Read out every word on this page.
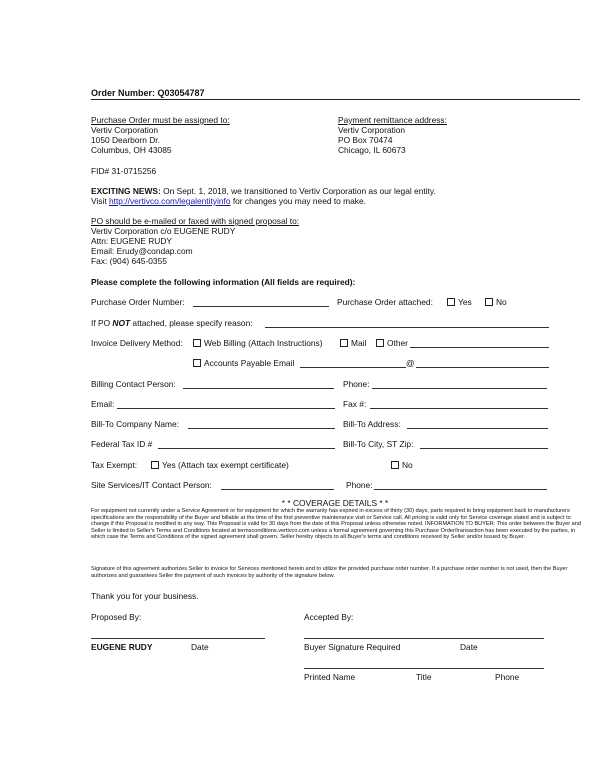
Order Number: Q03054787
Purchase Order must be assigned to:
Vertiv Corporation
1050 Dearborn Dr.
Columbus, OH 43085
Payment remittance address:
Vertiv Corporation
PO Box 70474
Chicago, IL 60673
FID# 31-0715256
EXCITING NEWS: On Sept. 1, 2018, we transitioned to Vertiv Corporation as our legal entity.
Visit http://vertivco.com/legalentityinfo for changes you may need to make.
PO should be e-mailed or faxed with signed proposal to:
Vertiv Corporation c/o EUGENE RUDY
Attn: EUGENE RUDY
Email: Erudy@condap.com
Fax: (904) 645-0355
Please complete the following information (All fields are required):
Purchase Order Number:	Purchase Order attached:	Yes	No
If PO NOT attached, please specify reason:
Invoice Delivery Method:	Web Billing (Attach Instructions)	Mail	Other
Accounts Payable Email	@
Billing Contact Person:	Phone:
Email:	Fax #:
Bill-To Company Name:	Bill-To Address:
Federal Tax ID #	Bill-To City, ST Zip:
Tax Exempt:	Yes (Attach tax exempt certificate)	No
Site Services/IT Contact Person:	Phone:
* * COVERAGE DETAILS * *
For equipment not currently under a Service Agreement or for equipment for which the warranty has expired in excess of thirty (30) days, parts required to bring equipment back to manufacturers specifications are the responsibility of the Buyer and billable at the time of the first preventive maintenance visit or Service call. All pricing is valid only for Service coverage stated and is subject to change if this Proposal is modified in any way. This Proposal is valid for 30 days from the date of this Proposal unless otherwise noted. INFORMATION TO BUYER: This order between the Buyer and Seller is limited to Seller's Terms and Conditions located at termsconditions.vertivco.com unless a formal agreement governing this Purchase Order/transaction has been executed by the parties, in which case the Terms and Conditions of the signed agreement shall govern. Seller hereby objects to all Buyer's terms and conditions received by Seller and/or issued by Buyer.
Signature of this agreement authorizes Seller to invoice for Services mentioned herein and to utilize the provided purchase order number. If a purchase order number is not used, then the Buyer authorizes and guarantees Seller the payment of such invoices by authority of the signature below.
Thank you for your business.
Proposed By:	Accepted By:
EUGENE RUDY	Date	Buyer Signature Required	Date
Printed Name	Title	Phone
